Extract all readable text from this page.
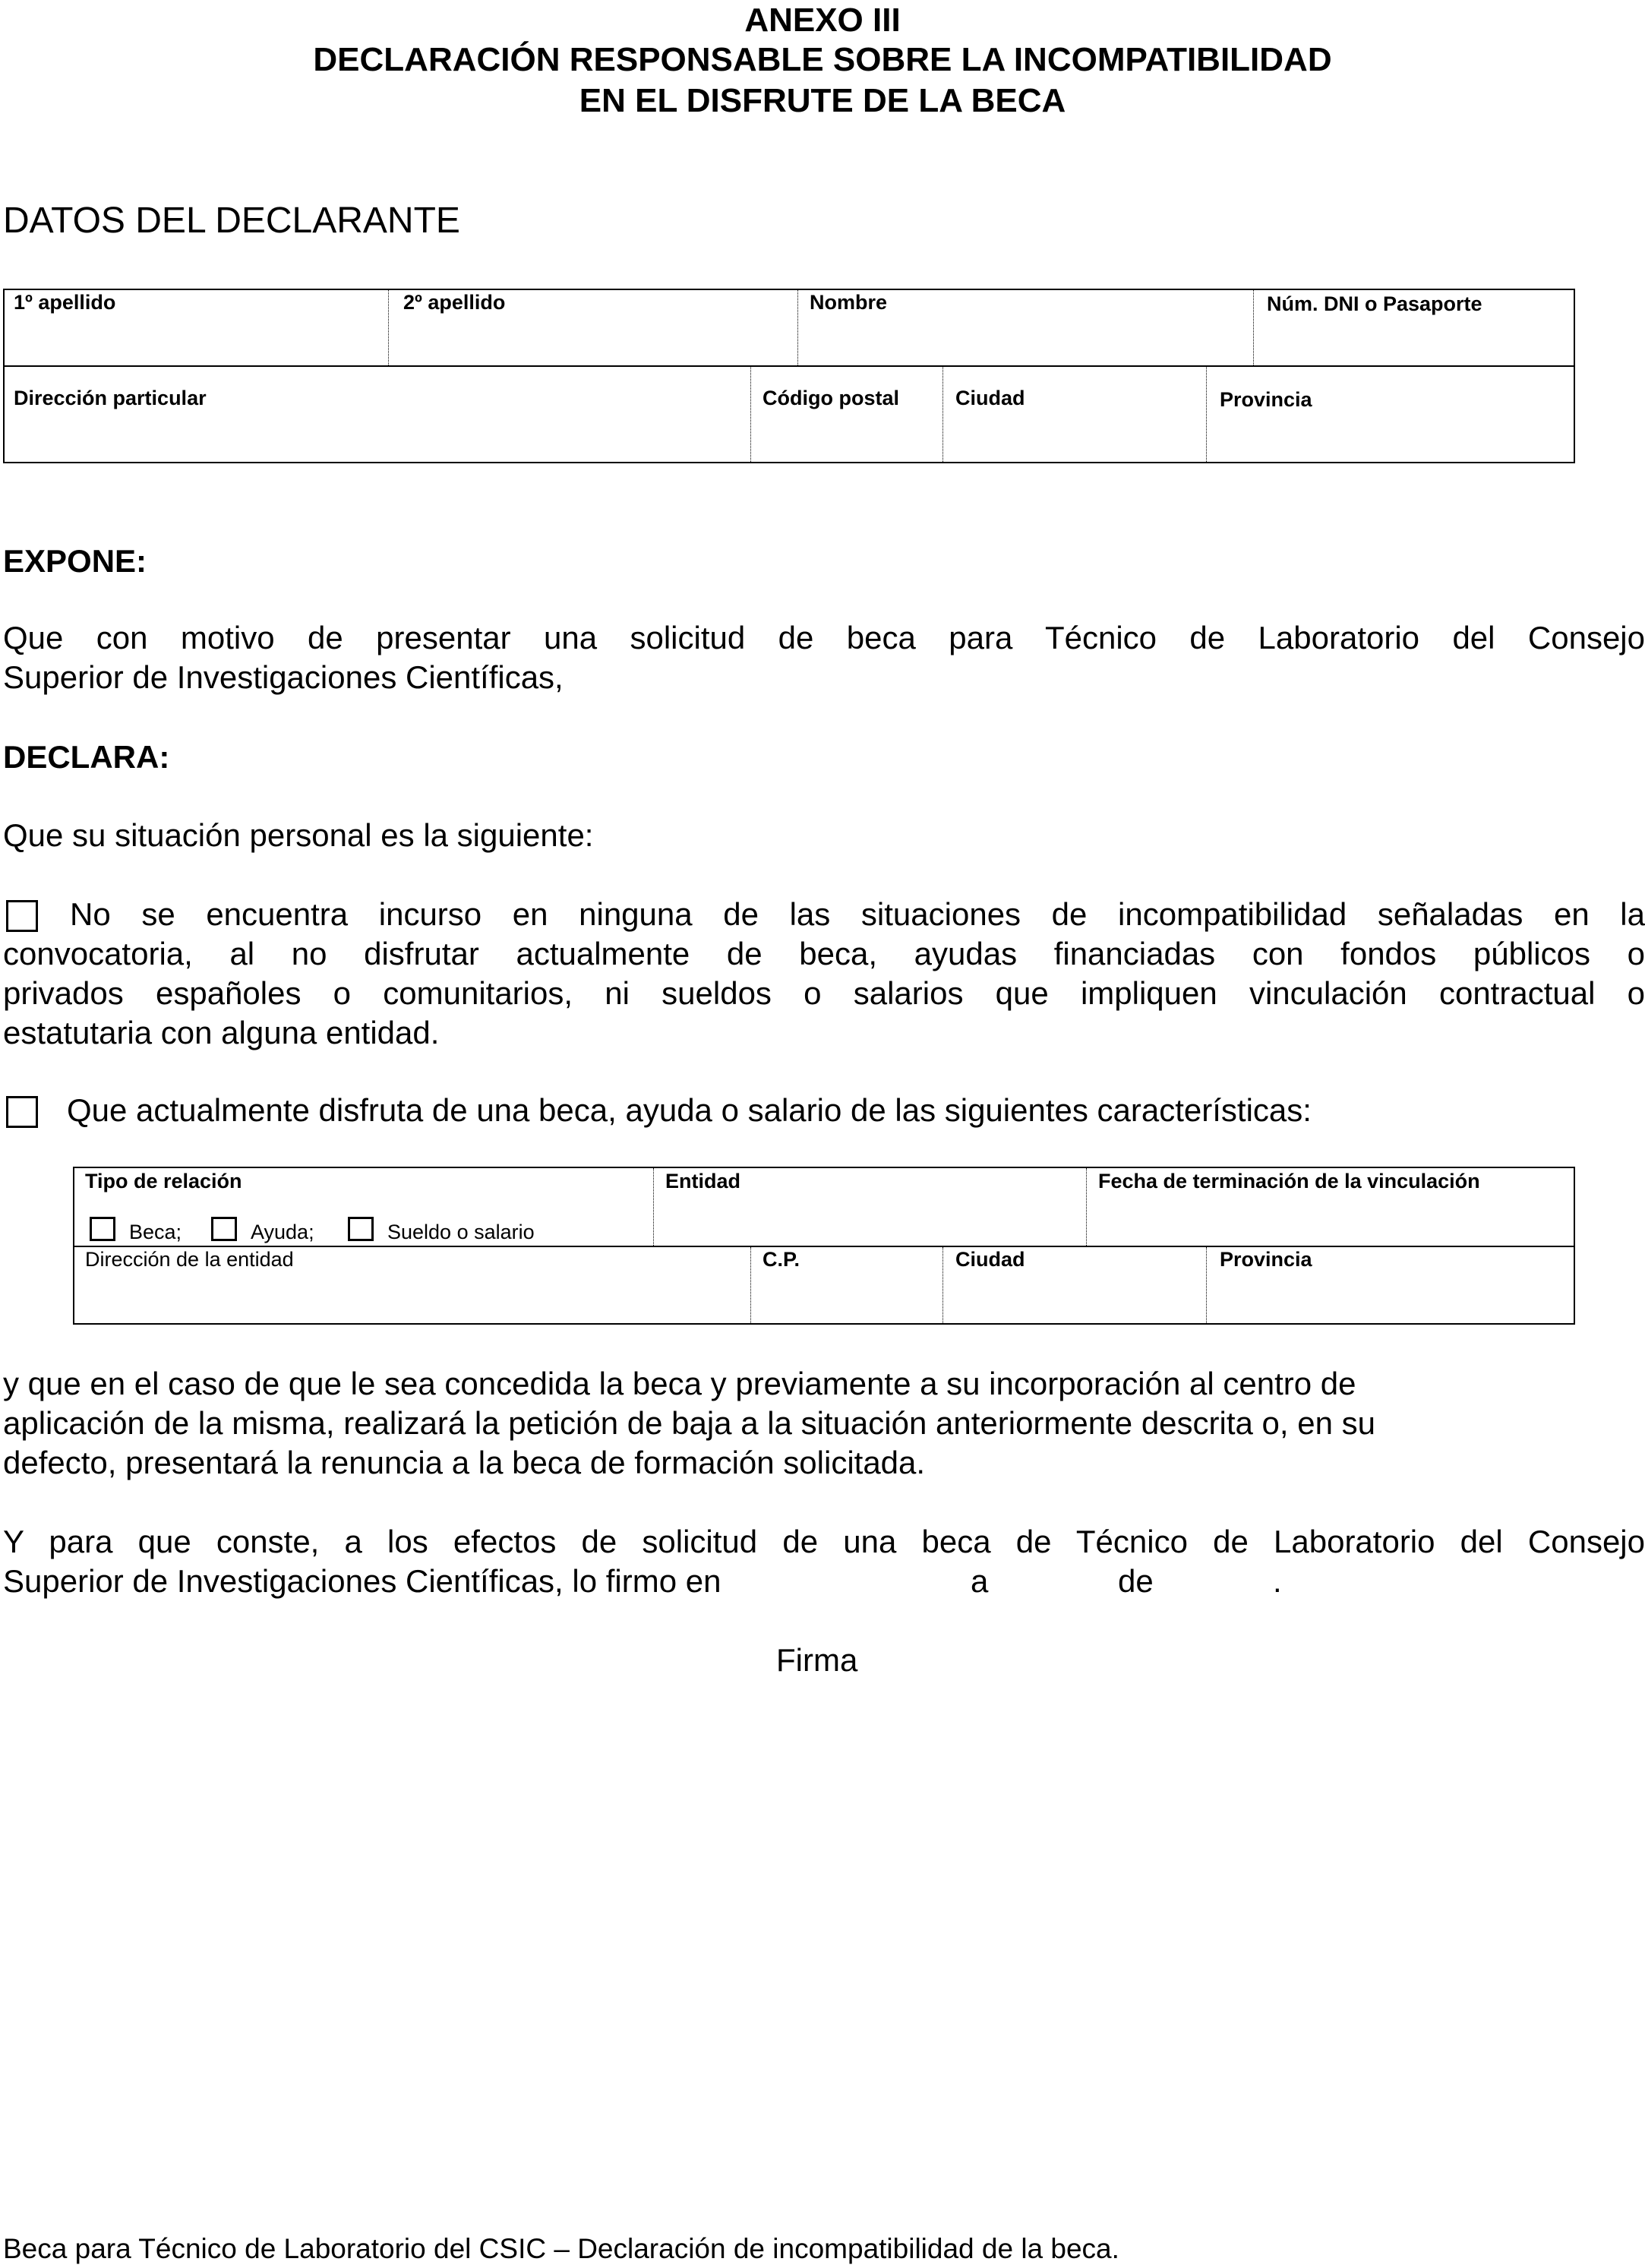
ANEXO III
DECLARACIÓN RESPONSABLE SOBRE LA INCOMPATIBILIDAD
EN EL DISFRUTE DE LA BECA
DATOS DEL DECLARANTE
1º apellido	2º apellido	Nombre	Núm. DNI o Pasaporte
Dirección particular	Código postal	Ciudad	Provincia
EXPONE:
Que con motivo de presentar una solicitud de beca para Técnico de Laboratorio del Consejo
Superior de Investigaciones Científicas,
DECLARA:
Que su situación personal es la siguiente:
No se encuentra incurso en ninguna de las situaciones de incompatibilidad señaladas en la
convocatoria, al no disfrutar actualmente de beca, ayudas financiadas con fondos públicos o
privados españoles o comunitarios, ni sueldos o salarios que impliquen vinculación contractual o
estatutaria con alguna entidad.
Que actualmente disfruta de una beca, ayuda o salario de las siguientes características:
Tipo de relación	Entidad	Fecha de terminación de la vinculación
Beca;	Ayuda;	Sueldo o salario
Dirección de la entidad	C.P.	Ciudad	Provincia
y que en el caso de que le sea concedida la beca y previamente a su incorporación al centro de
aplicación de la misma, realizará la petición de baja a la situación anteriormente descrita o, en su
defecto, presentará la renuncia a la beca de formación solicitada.
Y para que conste, a los efectos de solicitud de una beca de Técnico de Laboratorio del Consejo
Superior de Investigaciones Científicas, lo firmo en	a	de	.
Firma
Beca para Técnico de Laboratorio del CSIC – Declaración de incompatibilidad de la beca.
